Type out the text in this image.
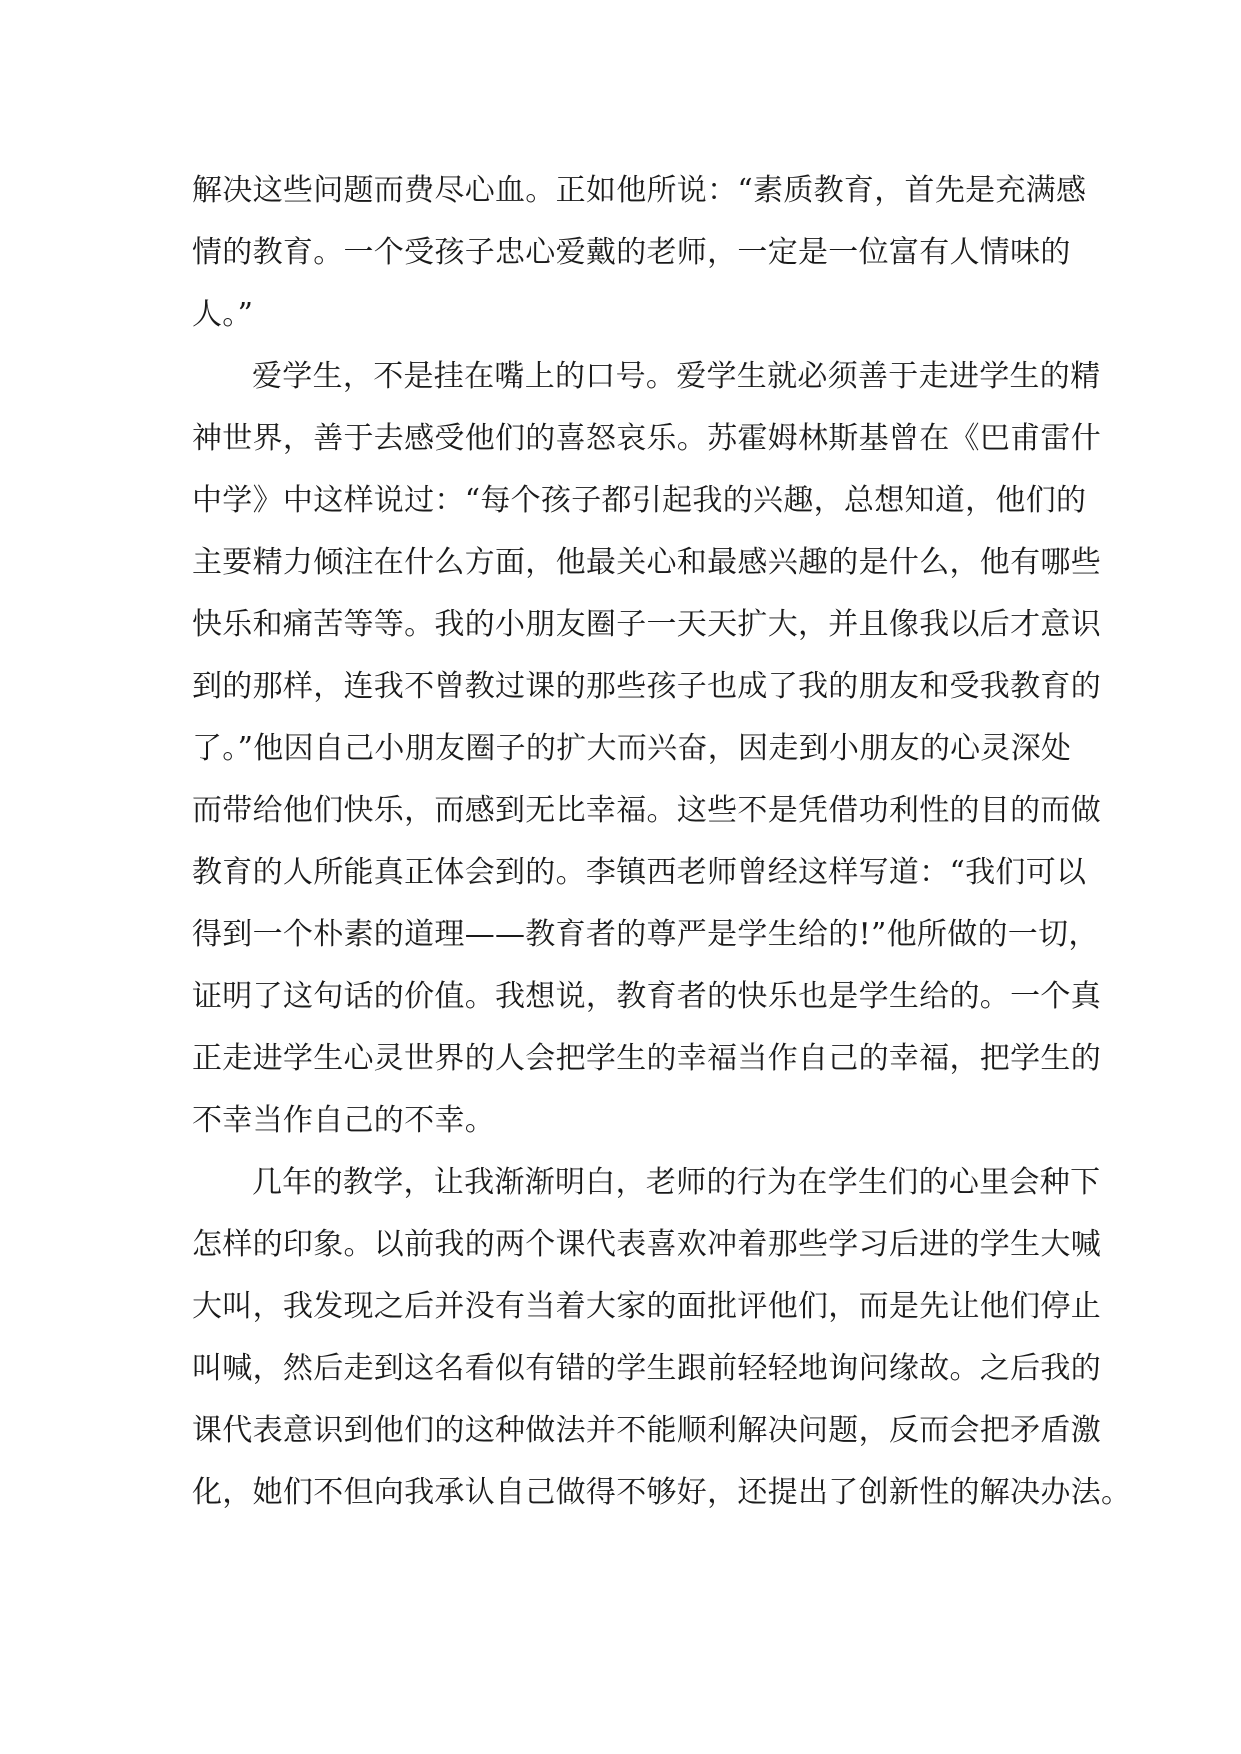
解决这些问题而费尽心血。正如他所说：“素质教育，首先是充满感
情的教育。一个受孩子忠心爱戴的老师，一定是一位富有人情味的
人。”
爱学生，不是挂在嘴上的口号。爱学生就必须善于走进学生的精
神世界，善于去感受他们的喜怒哀乐。苏霍姆林斯基曾在《巴甫雷什
中学》中这样说过：“每个孩子都引起我的兴趣，总想知道，他们的
主要精力倾注在什么方面，他最关心和最感兴趣的是什么，他有哪些
快乐和痛苦等等。我的小朋友圈子一天天扩大，并且像我以后才意识
到的那样，连我不曾教过课的那些孩子也成了我的朋友和受我教育的
了。”他因自己小朋友圈子的扩大而兴奋，因走到小朋友的心灵深处
而带给他们快乐，而感到无比幸福。这些不是凭借功利性的目的而做
教育的人所能真正体会到的。李镇西老师曾经这样写道：“我们可以
得到一个朴素的道理——教育者的尊严是学生给的!”他所做的一切，
证明了这句话的价值。我想说，教育者的快乐也是学生给的。一个真
正走进学生心灵世界的人会把学生的幸福当作自己的幸福，把学生的
不幸当作自己的不幸。
几年的教学，让我渐渐明白，老师的行为在学生们的心里会种下
怎样的印象。以前我的两个课代表喜欢冲着那些学习后进的学生大喊
大叫，我发现之后并没有当着大家的面批评他们，而是先让他们停止
叫喊，然后走到这名看似有错的学生跟前轻轻地询问缘故。之后我的
课代表意识到他们的这种做法并不能顺利解决问题，反而会把矛盾激
化，她们不但向我承认自己做得不够好，还提出了创新性的解决办法。
